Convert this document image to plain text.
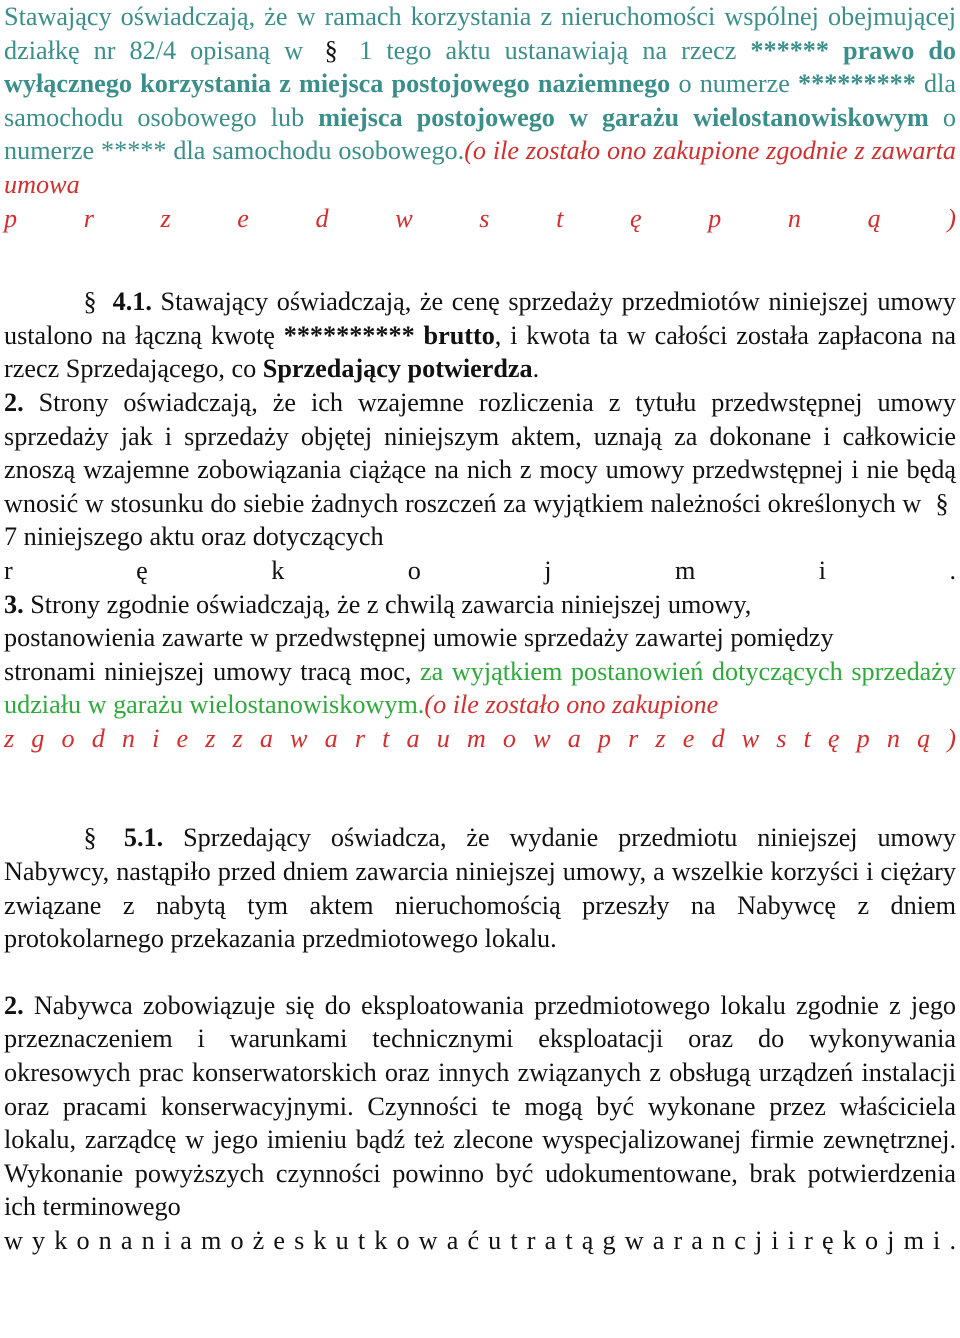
Stawający oświadczają, że w ramach korzystania z nieruchomości wspólnej obejmującej działkę nr 82/4 opisaną w § 1 tego aktu ustanawiają na rzecz ****** prawo do wyłącznego korzystania z miejsca postojowego naziemnego o numerze ********* dla samochodu osobowego lub miejsca postojowego w garażu wielostanowiskowym o numerze ***** dla samochodu osobowego.(o ile zostało ono zakupione zgodnie z zawarta umowa

p r z e d w s t ę p n ą	)

§ 4.1. Stawający oświadczają, że cenę sprzedaży przedmiotów niniejszej umowy ustalono na łączną kwotę ********** brutto, i kwota ta w całości została zapłacona na rzecz Sprzedającego, co Sprzedający potwierdza.

2. Strony oświadczają, że ich wzajemne rozliczenia z tytułu przedwstępnej umowy sprzedaży jak i sprzedaży objętej niniejszym aktem, uznają za dokonane i całkowicie znoszą wzajemne zobowiązania ciążące na nich z mocy umowy przedwstępnej i nie będą wnosić w stosunku do siebie żadnych roszczeń za wyjątkiem należności określonych w § 7 niniejszego aktu oraz dotyczących

r ę k o j m i .

3. Strony zgodnie oświadczają, że z chwilą zawarcia niniejszej umowy,

postanowienia zawarte w przedwstępnej umowie sprzedaży zawartej pomiędzy

stronami niniejszej umowy tracą moc, za wyjątkiem postanowień dotyczących sprzedaży udziału w garażu wielostanowiskowym.(o ile zostało ono zakupione

z g o d n i e z z a w a r t a u m o w a p r z e d w s t ę p n ą )

§ 5.1. Sprzedający oświadcza, że wydanie przedmiotu niniejszej umowy Nabywcy, nastąpiło przed dniem zawarcia niniejszej umowy, a wszelkie korzyści i ciężary związane z nabytą tym aktem nieruchomością przeszły na Nabywcę z dniem protokolarnego przekazania przedmiotowego lokalu.

2. Nabywca zobowiązuje się do eksploatowania przedmiotowego lokalu zgodnie z jego przeznaczeniem i warunkami technicznymi eksploatacji oraz do wykonywania okresowych prac konserwatorskich oraz innych związanych z obsługą urządzeń instalacji oraz pracami konserwacyjnymi. Czynności te mogą być wykonane przez właściciela lokalu, zarządcę w jego imieniu bądź też zlecone wyspecjalizowanej firmie zewnętrznej. Wykonanie powyższych czynności powinno być udokumentowane, brak potwierdzenia ich terminowego

w y k o n a n i a m o ż e s k u t k o w a ć u t r a t ą g w a r a n c j i i r ę k o j m i .
